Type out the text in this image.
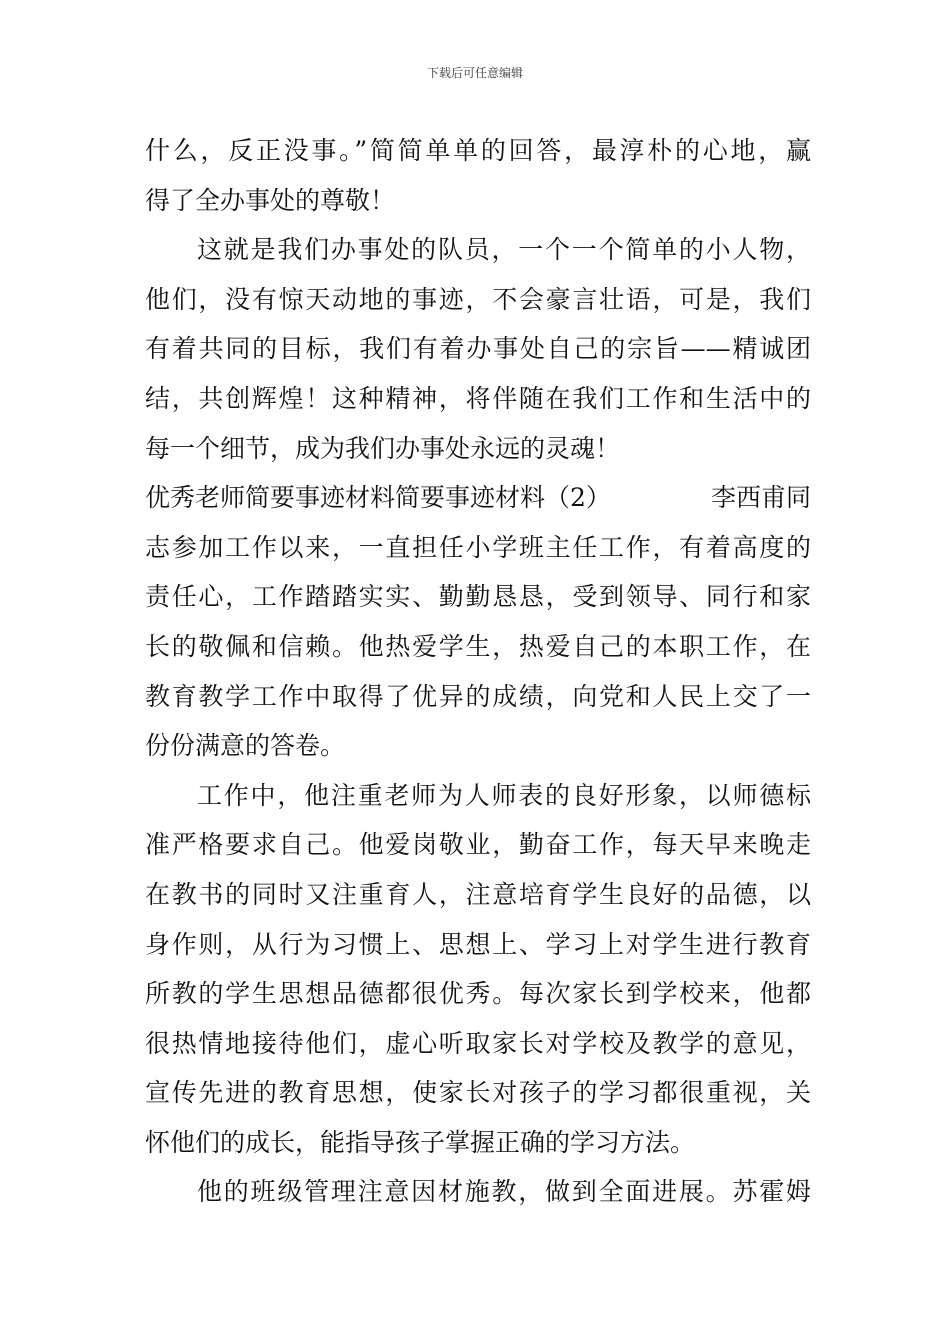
下载后可任意编辑
什么，反正没事。”简简单单的回答，最淳朴的心地，赢
得了全办事处的尊敬！
这就是我们办事处的队员，一个一个简单的小人物，
他们，没有惊天动地的事迹，不会豪言壮语，可是，我们
有着共同的目标，我们有着办事处自己的宗旨——精诚团
结，共创辉煌！这种精神，将伴随在我们工作和生活中的
每一个细节，成为我们办事处永远的灵魂！
优秀老师简要事迹材料简要事迹材料（2）	李西甫同
志参加工作以来，一直担任小学班主任工作，有着高度的
责任心，工作踏踏实实、勤勤恳恳，受到领导、同行和家
长的敬佩和信赖。他热爱学生，热爱自己的本职工作，在
教育教学工作中取得了优异的成绩，向党和人民上交了一
份份满意的答卷。
工作中，他注重老师为人师表的良好形象，以师德标
准严格要求自己。他爱岗敬业，勤奋工作，每天早来晚走
在教书的同时又注重育人，注意培育学生良好的品德，以
身作则，从行为习惯上、思想上、学习上对学生进行教育
所教的学生思想品德都很优秀。每次家长到学校来，他都
很热情地接待他们，虚心听取家长对学校及教学的意见，
宣传先进的教育思想，使家长对孩子的学习都很重视，关
怀他们的成长，能指导孩子掌握正确的学习方法。
他的班级管理注意因材施教，做到全面进展。苏霍姆
